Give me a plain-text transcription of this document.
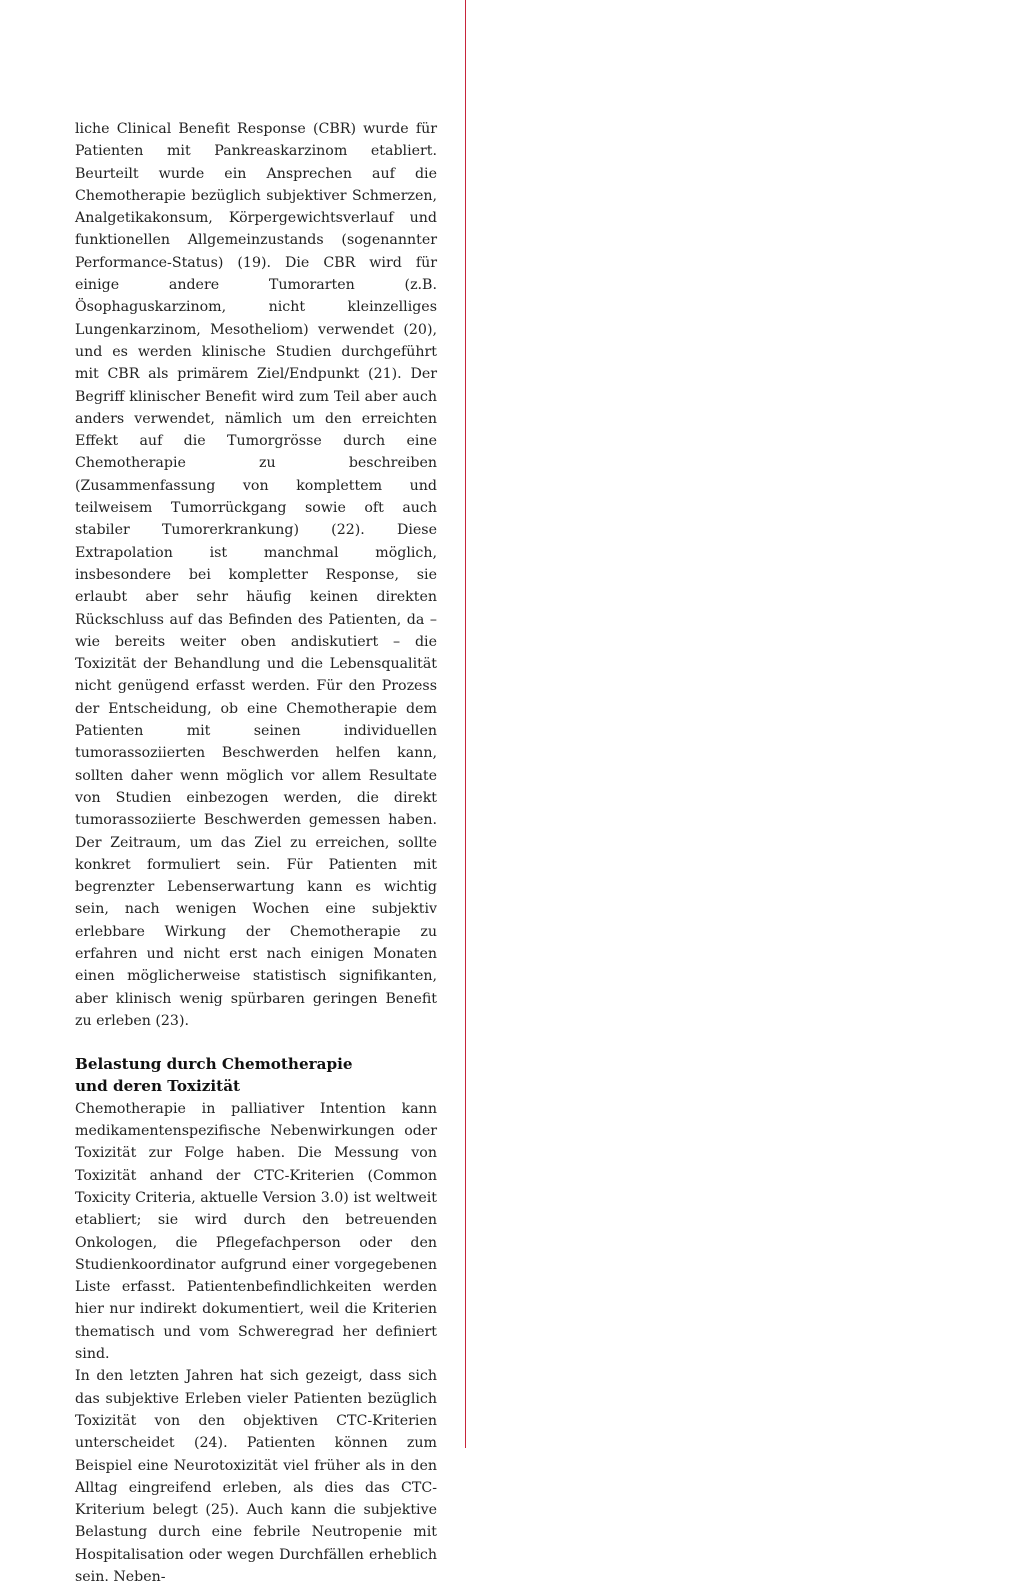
liche Clinical Benefit Response (CBR) wurde für Patienten mit Pankreaskarzinom etabliert. Beurteilt wurde ein Ansprechen auf die Chemotherapie bezüglich subjektiver Schmerzen, Analgetikakonsum, Körpergewichtsverlauf und funktionellen Allgemeinzustands (sogenannter Performance-Status) (19). Die CBR wird für einige andere Tumorarten (z.B. Ösophaguskarzinom, nicht kleinzelliges Lungenkarzinom, Mesotheliom) verwendet (20), und es werden klinische Studien durchgeführt mit CBR als primärem Ziel/Endpunkt (21). Der Begriff klinischer Benefit wird zum Teil aber auch anders verwendet, nämlich um den erreichten Effekt auf die Tumorgrösse durch eine Chemotherapie zu beschreiben (Zusammenfassung von komplettem und teilweisem Tumorrückgang sowie oft auch stabiler Tumorerkrankung) (22). Diese Extrapolation ist manchmal möglich, insbesondere bei kompletter Response, sie erlaubt aber sehr häufig keinen direkten Rückschluss auf das Befinden des Patienten, da – wie bereits weiter oben andiskutiert – die Toxizität der Behandlung und die Lebensqualität nicht genügend erfasst werden. Für den Prozess der Entscheidung, ob eine Chemotherapie dem Patienten mit seinen individuellen tumorassoziierten Beschwerden helfen kann, sollten daher wenn möglich vor allem Resultate von Studien einbezogen werden, die direkt tumorassoziierte Beschwerden gemessen haben. Der Zeitraum, um das Ziel zu erreichen, sollte konkret formuliert sein. Für Patienten mit begrenzter Lebenserwartung kann es wichtig sein, nach wenigen Wochen eine subjektiv erlebbare Wirkung der Chemotherapie zu erfahren und nicht erst nach einigen Monaten einen möglicherweise statistisch signifikanten, aber klinisch wenig spürbaren geringen Benefit zu erleben (23).

Belastung durch Chemotherapie
und deren Toxizität

Chemotherapie in palliativer Intention kann medikamentenspezifische Nebenwirkungen oder Toxizität zur Folge haben. Die Messung von Toxizität anhand der CTC-Kriterien (Common Toxicity Criteria, aktuelle Version 3.0) ist weltweit etabliert; sie wird durch den betreuenden Onkologen, die Pflegefachperson oder den Studienkoordinator aufgrund einer vorgegebenen Liste erfasst. Patientenbefindlichkeiten werden hier nur indirekt dokumentiert, weil die Kriterien thematisch und vom Schweregrad her definiert sind.

In den letzten Jahren hat sich gezeigt, dass sich das subjektive Erleben vieler Patienten bezüglich Toxizität von den objektiven CTC-Kriterien unterscheidet (24). Patienten können zum Beispiel eine Neurotoxizität viel früher als in den Alltag eingreifend erleben, als dies das CTC-Kriterium belegt (25). Auch kann die subjektive Belastung durch eine febrile Neutropenie mit Hospitalisation oder wegen Durchfällen erheblich sein. Neben-
